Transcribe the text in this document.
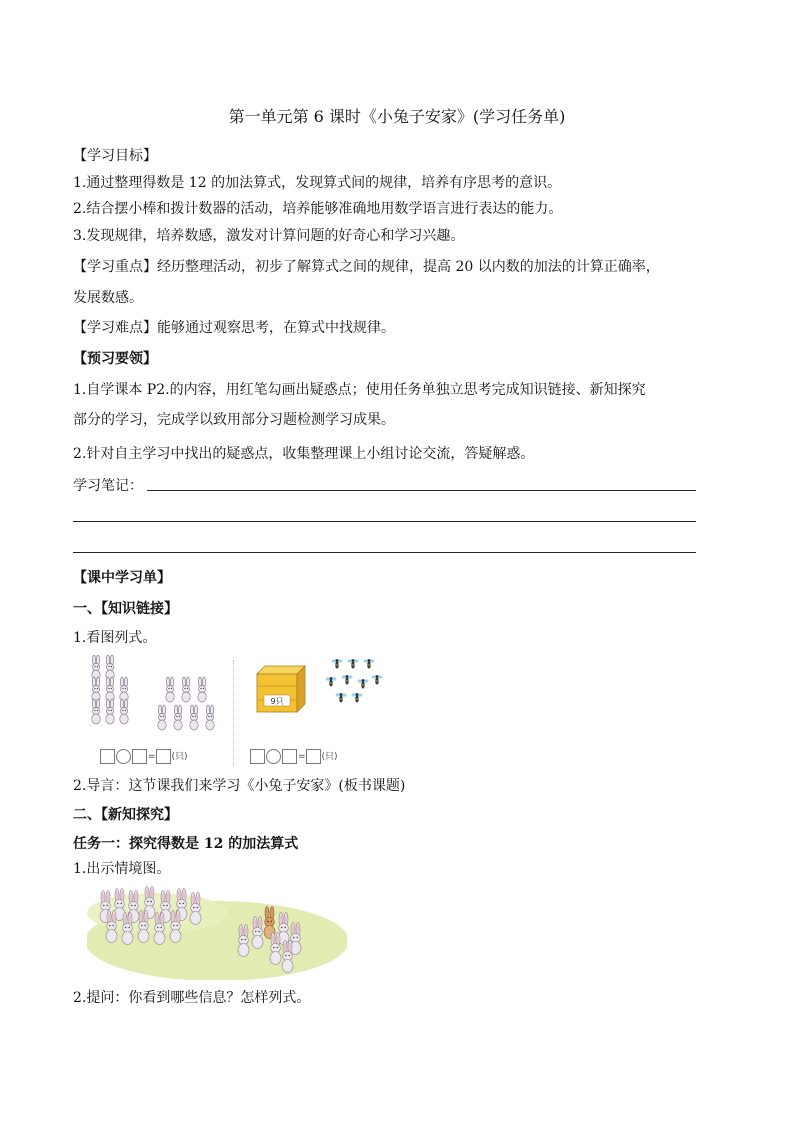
第一单元第 6 课时《小兔子安家》(学习任务单)
【学习目标】
1.通过整理得数是 12 的加法算式，发现算式间的规律，培养有序思考的意识。
2.结合摆小棒和拨计数器的活动，培养能够准确地用数学语言进行表达的能力。
3.发现规律，培养数感，激发对计算问题的好奇心和学习兴趣。
【学习重点】经历整理活动，初步了解算式之间的规律，提高 20 以内数的加法的计算正确率，
发展数感。
【学习难点】能够通过观察思考，在算式中找规律。
【预习要领】
1.自学课本 P2.的内容，用红笔勾画出疑惑点；使用任务单独立思考完成知识链接、新知探究
部分的学习，完成学以致用部分习题检测学习成果。
2.针对自主学习中找出的疑惑点，收集整理课上小组讨论交流，答疑解惑。
学习笔记：
【课中学习单】
一、【知识链接】
1.看图列式。
= (只)
9只
= (只)
2.导言：这节课我们来学习《小兔子安家》(板书课题)
二、【新知探究】
任务一：探究得数是 12 的加法算式
1.出示情境图。
2.提问：你看到哪些信息？怎样列式。
